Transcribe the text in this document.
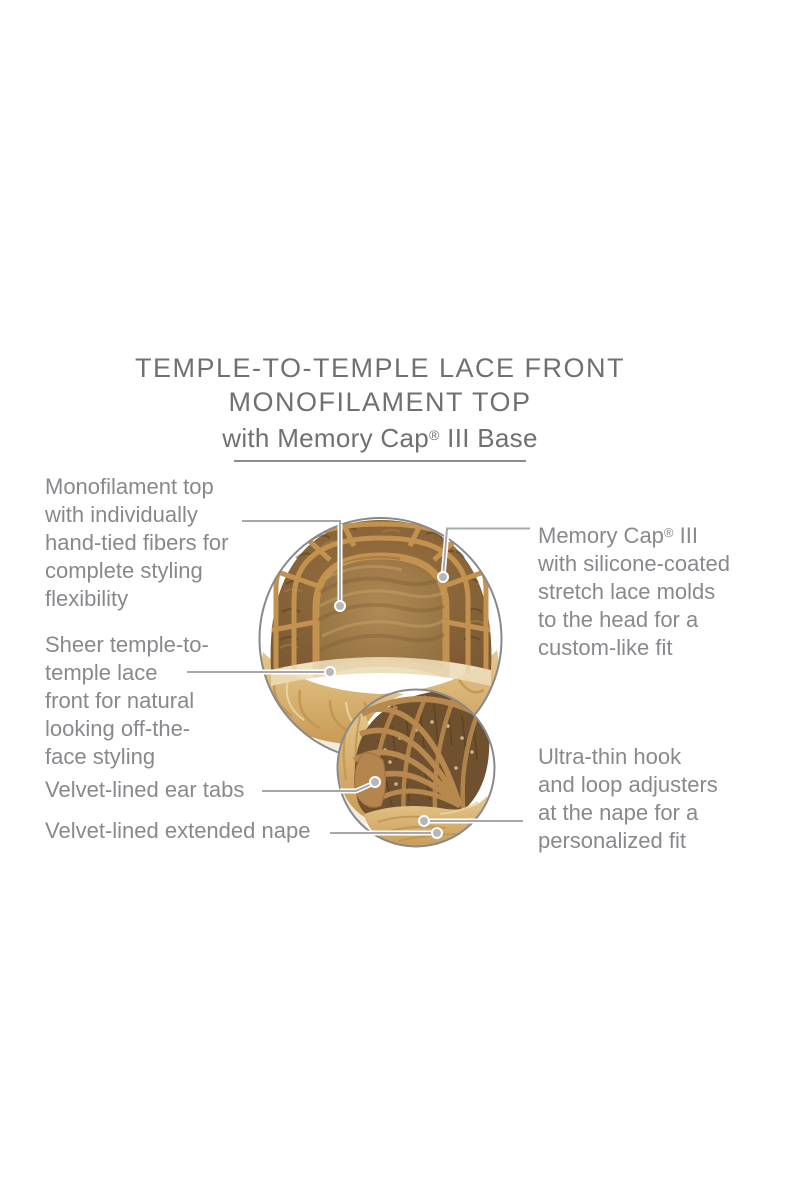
TEMPLE-TO-TEMPLE LACE FRONT
MONOFILAMENT TOP
with Memory Cap® III Base
Monofilament top
with individually
hand-tied fibers for
complete styling
flexibility
Sheer temple-to-
temple lace
front for natural
looking off-the-
face styling
Velvet-lined ear tabs
Velvet-lined extended nape
Memory Cap® III
with silicone-coated
stretch lace molds
to the head for a
custom-like fit
Ultra-thin hook
and loop adjusters
at the nape for a
personalized fit
